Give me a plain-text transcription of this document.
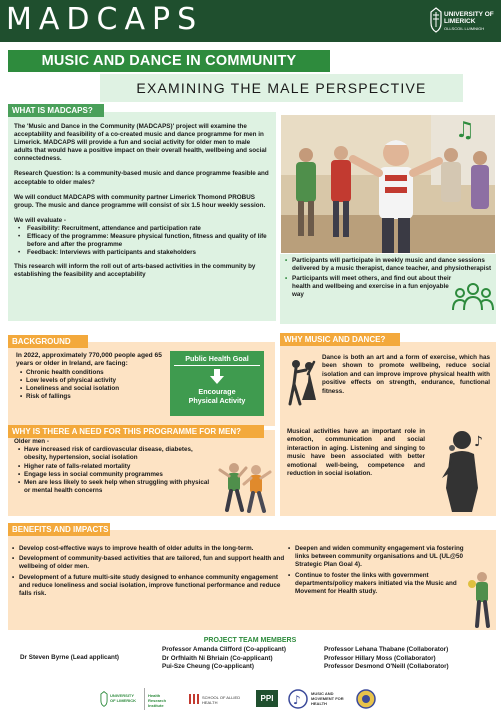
MADCAPS	UNIVERSITY OF LIMERICK
OLLSCOIL LUIMNIGH
MUSIC AND DANCE IN COMMUNITY
EXAMINING THE MALE PERSPECTIVE

The 'Music and Dance in the Community (MADCAPS)' project will examine the acceptability and feasibility of a co-created music and dance programme for men in Limerick. MADCAPS will provide a fun and social activity for older men to male adults that would have a positive impact on their overall health, wellbeing and social connectedness.

Research Question: Is a community-based music and dance programme feasible and acceptable to older males?

We will conduct MADCAPS with community partner Limerick Thomond PROBUS group. The music and dance programme will consist of six 1.5 hour weekly session.

We will evaluate -
• Feasibility: Recruitment, attendance and participation rate
• Efficacy of the programme: Measure physical function, fitness and quality of life before and after the programme
• Feedback: Interviews with participants and stakeholders

This research will inform the roll out of arts-based activities in the community by establishing the feasibility and acceptability

WHAT IS MADCAPS?
♫
• Participants will participate in weekly music and dance sessions delivered by a music therapist, dance teacher, and physiotherapist
• Participants will meet others, and find out about their health and wellbeing and exercise in a fun enjoyable way
In 2022, approximately 770,000 people aged 65 years or older in Ireland, are facing:
• Chronic health conditions
• Low levels of physical activity
• Loneliness and social isolation
• Risk of fallings
BACKGROUND
Public Health Goal
Encourage
Physical Activity
Older men -
• Have increased risk of cardiovascular disease, diabetes, obesity, hypertension, social isolation
• Higher rate of falls-related mortality
• Engage less in social community programmes
• Men are less likely to seek help when struggling with physical or mental health concerns
WHY IS THERE A NEED FOR THIS PROGRAMME FOR MEN?
Dance is both an art and a form of exercise, which has been shown to promote wellbeing, reduce social isolation and can improve improve physical health with positive effects on strength, endurance, functional fitness.
Musical activities have an important role in emotion, communication and social interaction in aging. Listening and singing to music have been associated with better emotional well-being, competence and reduction in social isolation.
♪
WHY MUSIC AND DANCE?
• Develop cost-effective ways to improve health of older adults in the long-term.
• Development of community-based activities that are tailored, fun and support health and wellbeing of older men.
• Development of a future multi-site study designed to enhance community engagement and reduce loneliness and social isolation, improve functional performance and reduce falls risk.
• Deepen and widen community engagement via fostering links between community organisations and UL (UL@50 Strategic Plan Goal 4).
• Continue to foster the links with government departments/policy makers initiated via the Music and Movement for Health study.
BENEFITS AND IMPACTS
PROJECT TEAM MEMBERS
Dr Steven Byrne (Lead applicant)
Professor Amanda Clifford (Co-applicant)
Dr Orfhlaith Ni Bhriain (Co-applicant)
Pui-Sze Cheung (Co-applicant)
Professor Lehana Thabane (Collaborator)
Professor Hillary Moss (Collaborator)
Professor Desmond O'Neill (Collaborator)
UNIVERSITY OF LIMERICK
Health Research Institute
SCHOOL OF ALLIED HEALTH	PPI	♪	MUSIC AND MOVEMENT FOR HEALTH
